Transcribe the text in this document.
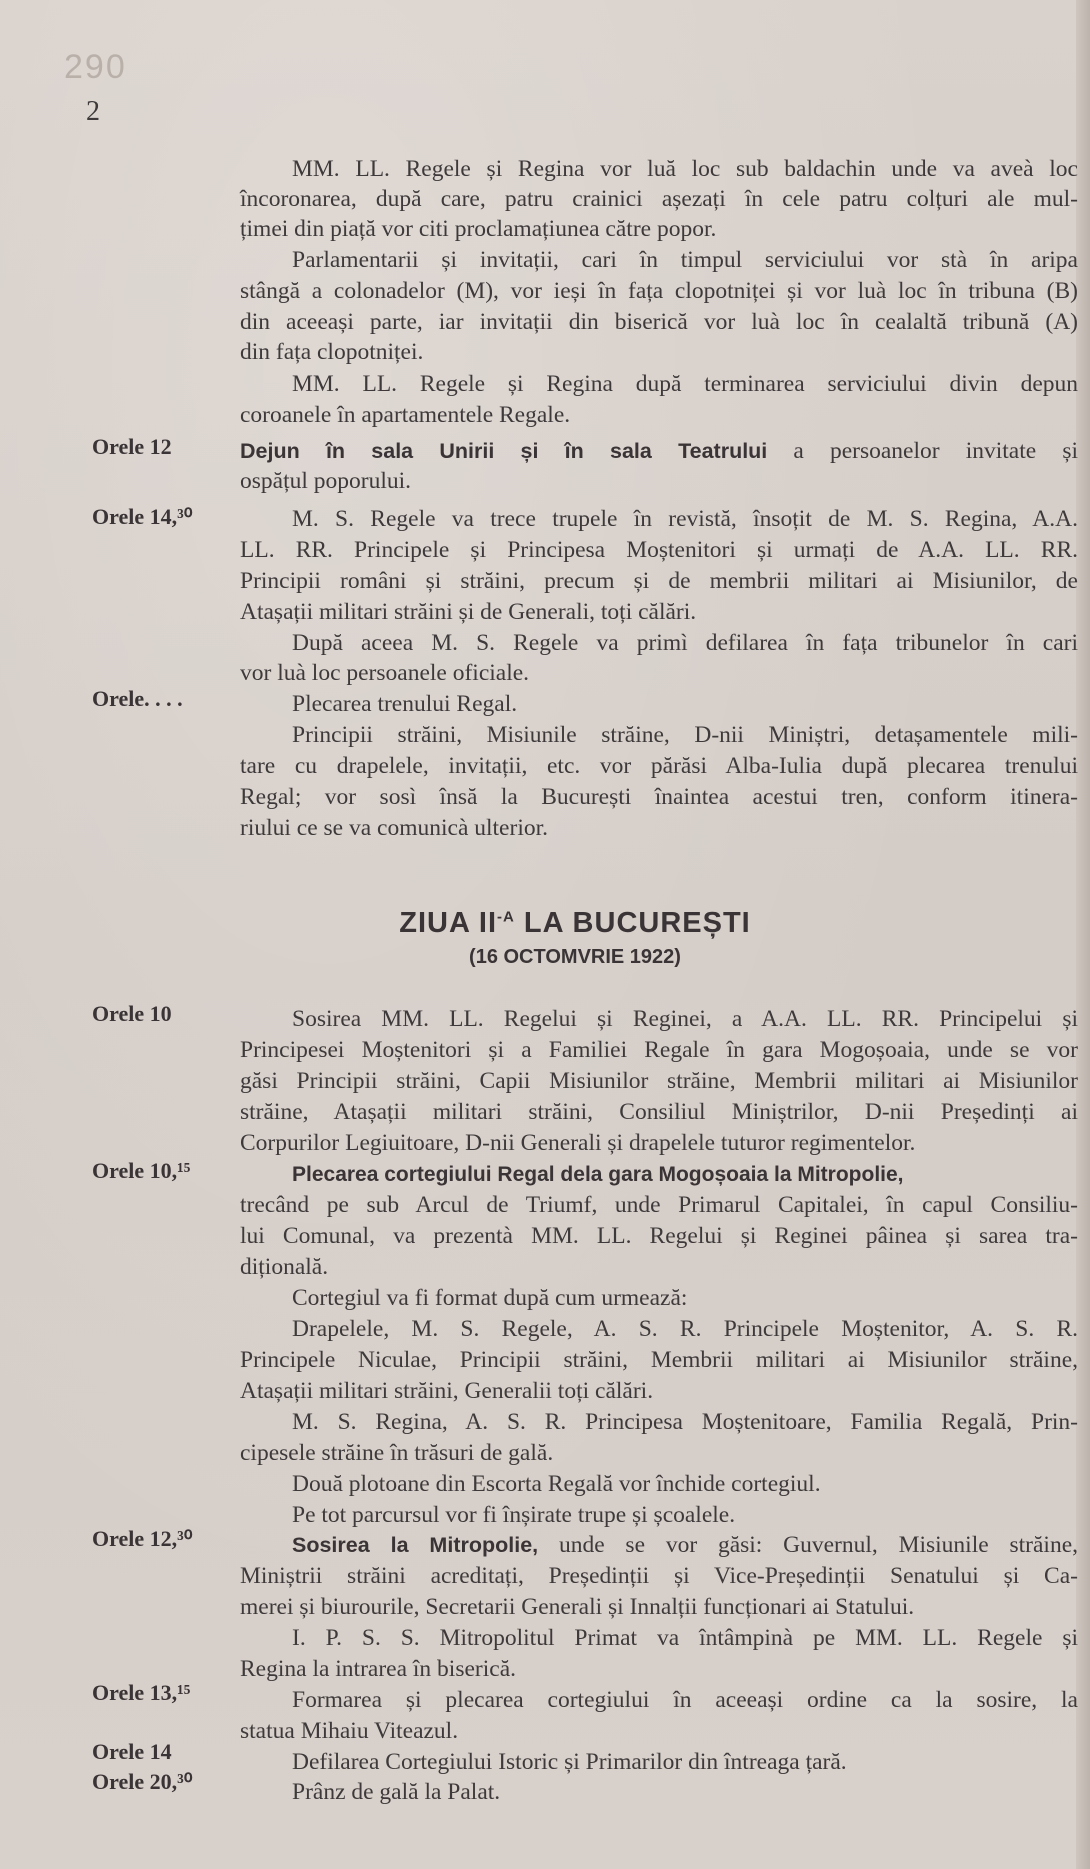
290
2
MM. LL. Regele și Regina vor luă loc sub baldachin unde va aveà loc
încoronarea, după care, patru crainici așezați în cele patru colțuri ale mul-
țimei din piață vor citi proclamațiunea către popor.
Parlamentarii și invitații, cari în timpul serviciului vor stà în aripa
stângă a colonadelor (M), vor ieși în fața clopotniței și vor luà loc în tribuna (B)
din aceeași parte, iar invitații din biserică vor luà loc în cealaltă tribună (A)
din fața clopotniței.
MM. LL. Regele și Regina după terminarea serviciului divin depun
coroanele în apartamentele Regale.
Dejun în sala Unirii și în sala Teatrului a persoanelor invitate și
ospățul poporului.
Orele 12
Orele 14,³⁰
Orele. . . .
M. S. Regele va trece trupele în revistă, însoțit de M. S. Regina, A.A.
LL. RR. Principele și Principesa Moștenitori și urmați de A.A. LL. RR.
Principii români și străini, precum și de membrii militari ai Misiunilor, de
Atașații militari străini și de Generali, toți călări.
După aceea M. S. Regele va primì defilarea în fața tribunelor în cari
vor luà loc persoanele oficiale.
Plecarea trenului Regal.
Principii străini, Misiunile străine, D-nii Miniștri, detașamentele mili-
tare cu drapelele, invitații, etc. vor părăsi Alba-Iulia după plecarea trenului
Regal; vor sosì însă la București înaintea acestui tren, conform itinera-
riului ce se va comunicà ulterior.
ZIUA $II^{-A}$ LA BUCUREȘTI
(16 OCTOMVRIE 1922)
Orele 10
Orele 10,¹⁵
Orele 12,³⁰
Orele 13,¹⁵
Orele 14
Orele 20,³⁰
Sosirea MM. LL. Regelui și Reginei, a A.A. LL. RR. Principelui și
Principesei Moștenitori și a Familiei Regale în gara Mogoșoaia, unde se vor
găsi Principii străini, Capii Misiunilor străine, Membrii militari ai Misiunilor
străine, Atașații militari străini, Consiliul Miniștrilor, D-nii Președinți ai
Corpurilor Legiuitoare, D-nii Generali și drapelele tuturor regimentelor.
Plecarea cortegiului Regal dela gara Mogoșoaia la Mitropolie,
trecând pe sub Arcul de Triumf, unde Primarul Capitalei, în capul Consiliu-
lui Comunal, va prezentà MM. LL. Regelui și Reginei pâinea și sarea tra-
dițională.
Cortegiul va fi format după cum urmează:
Drapelele, M. S. Regele, A. S. R. Principele Moștenitor, A. S. R.
Principele Niculae, Principii străini, Membrii militari ai Misiunilor străine,
Atașații militari străini, Generalii toți călări.
M. S. Regina, A. S. R. Principesa Moștenitoare, Familia Regală, Prin-
cipesele străine în trăsuri de gală.
Două plotoane din Escorta Regală vor închide cortegiul.
Pe tot parcursul vor fi înșirate trupe și școalele.
Sosirea la Mitropolie, unde se vor găsi: Guvernul, Misiunile străine,
Miniștrii străini acreditați, Președinții și Vice-Președinții Senatului și Ca-
merei și biurourile, Secretarii Generali și Innalții funcționari ai Statului.
I. P. S. S. Mitropolitul Primat va întâmpinà pe MM. LL. Regele și
Regina la intrarea în biserică.
Formarea și plecarea cortegiului în aceeași ordine ca la sosire, la
statua Mihaiu Viteazul.
Defilarea Cortegiului Istoric și Primarilor din întreaga țară.
Prânz de gală la Palat.
